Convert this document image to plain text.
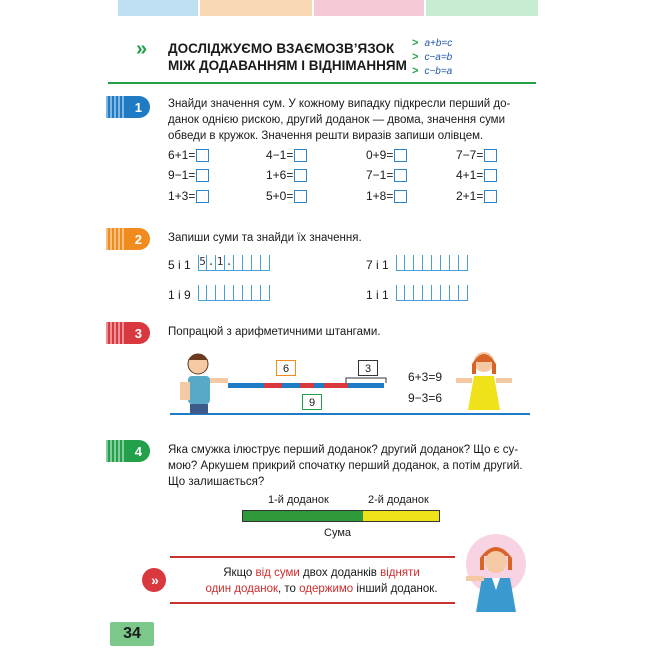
» ДОСЛІДЖУЄМО ВЗАЄМОЗВ’ЯЗОК
МІЖ ДОДАВАННЯМ І ВІДНІМАННЯМ
> a+b=c
> c−a=b
> c−b=a
1 Знайди значення сум. У кожному випадку підкресли перший до-
данок однією рискою, другий доданок — двома, значення суми
обведи в кружок. Значення решти виразів запиши олівцем.
6+1=	4−1=	0+9=	7−7=
9−1=	1+6=	7−1=	4+1=
1+3=	5+0=	1+8=	2+1=
2 Запиши суми та знайди їх значення.
5 і 1 5 . 1 .	7 і 1
1 і 9	1 і 1
3 Попрацюй з арифметичними штангами.
6	3
9
6+3=9
9−3=6
4 Яка смужка ілюструє перший доданок? другий доданок? Що є су-
мою? Аркушем прикрий спочатку перший доданок, а потім другий.
Що залишається?
1-й доданок	2-й доданок
Сума
Якщо від суми двох доданків відняти
один доданок, то одержимо інший доданок.
»
34
